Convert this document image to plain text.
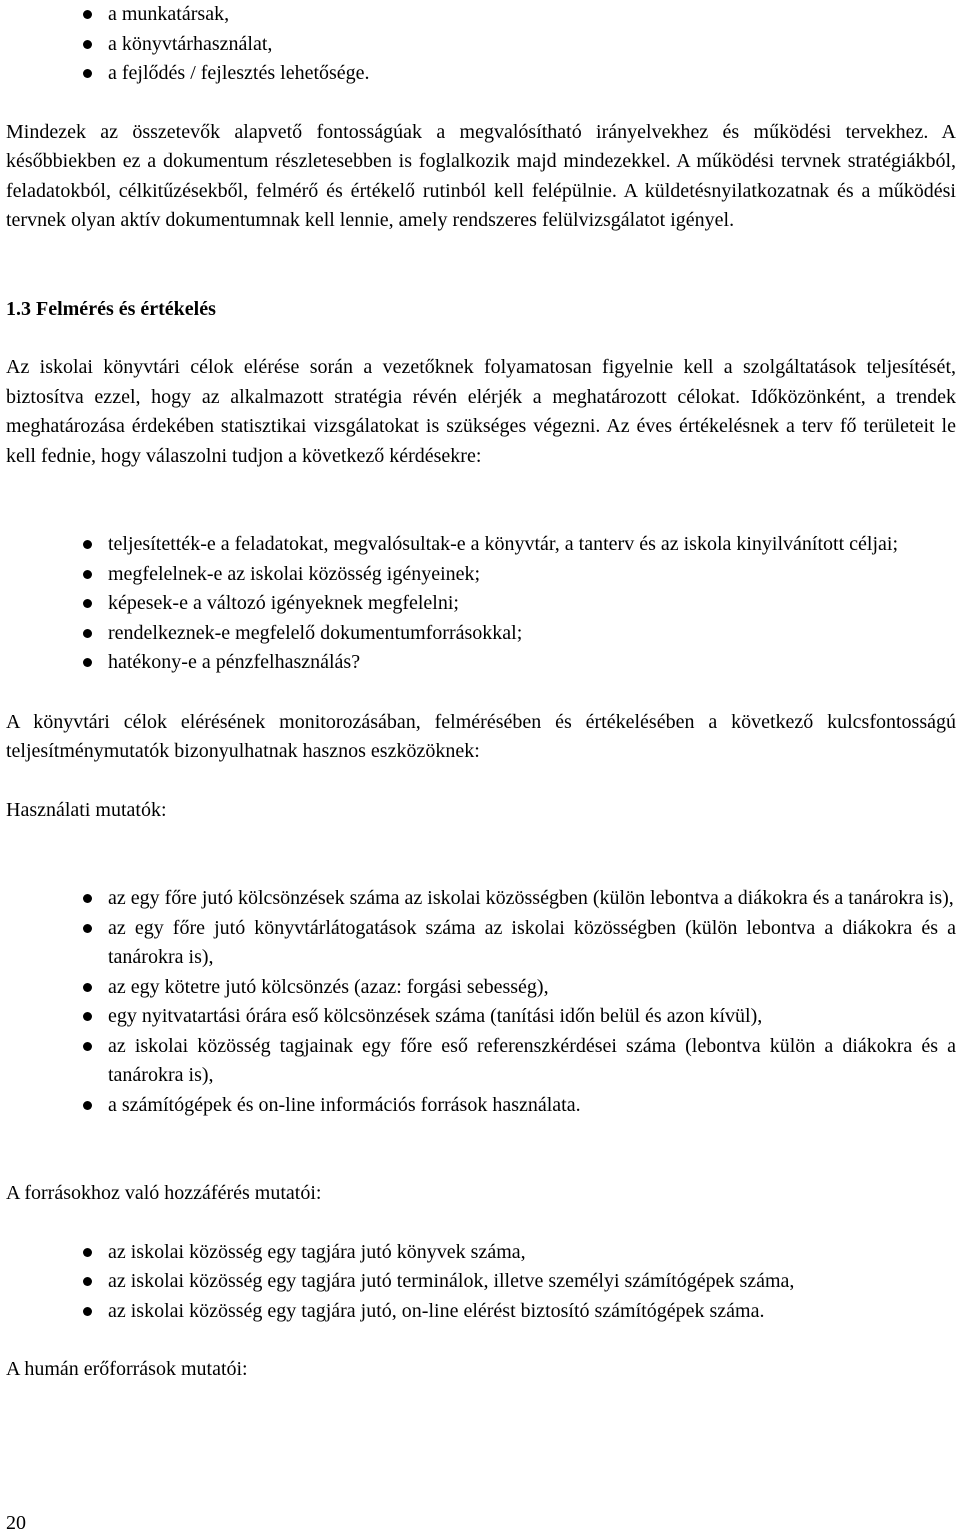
a munkatársak,
a könyvtárhasználat,
a fejlődés / fejlesztés lehetősége.

Mindezek az összetevők alapvető fontosságúak a megvalósítható irányelvekhez és működési tervekhez. A későbbiekben ez a dokumentum részletesebben is foglalkozik majd mindezekkel. A működési tervnek stratégiákból, feladatokból, célkitűzésekből, felmérő és értékelő rutinból kell felépülnie. A küldetésnyilatkozatnak és a működési tervnek olyan aktív dokumentumnak kell lennie, amely rendszeres felülvizsgálatot igényel.

1.3 Felmérés és értékelés

Az iskolai könyvtári célok elérése során a vezetőknek folyamatosan figyelnie kell a szolgáltatások teljesítését, biztosítva ezzel, hogy az alkalmazott stratégia révén elérjék a meghatározott célokat. Időközönként, a trendek meghatározása érdekében statisztikai vizsgálatokat is szükséges végezni. Az éves értékelésnek a terv fő területeit le kell fednie, hogy válaszolni tudjon a következő kérdésekre:

teljesítették-e a feladatokat, megvalósultak-e a könyvtár, a tanterv és az iskola kinyilvánított céljai;
megfelelnek-e az iskolai közösség igényeinek;
képesek-e a változó igényeknek megfelelni;
rendelkeznek-e megfelelő dokumentumforrásokkal;
hatékony-e a pénzfelhasználás?

A könyvtári célok elérésének monitorozásában, felmérésében és értékelésében a következő kulcsfontosságú teljesítménymutatók bizonyulhatnak hasznos eszközöknek:

Használati mutatók:

az egy főre jutó kölcsönzések száma az iskolai közösségben (külön lebontva a diákokra és a tanárokra is),
az egy főre jutó könyvtárlátogatások száma az iskolai közösségben (külön lebontva a diákokra és a tanárokra is),
az egy kötetre jutó kölcsönzés (azaz: forgási sebesség),
egy nyitvatartási órára eső kölcsönzések száma (tanítási időn belül és azon kívül),
az iskolai közösség tagjainak egy főre eső referenszkérdései száma (lebontva külön a diákokra és a tanárokra is),
a számítógépek és on-line információs források használata.

A forrásokhoz való hozzáférés mutatói:

az iskolai közösség egy tagjára jutó könyvek száma,
az iskolai közösség egy tagjára jutó terminálok, illetve személyi számítógépek száma,
az iskolai közösség egy tagjára jutó, on-line elérést biztosító számítógépek száma.

A humán erőforrások mutatói:

20
